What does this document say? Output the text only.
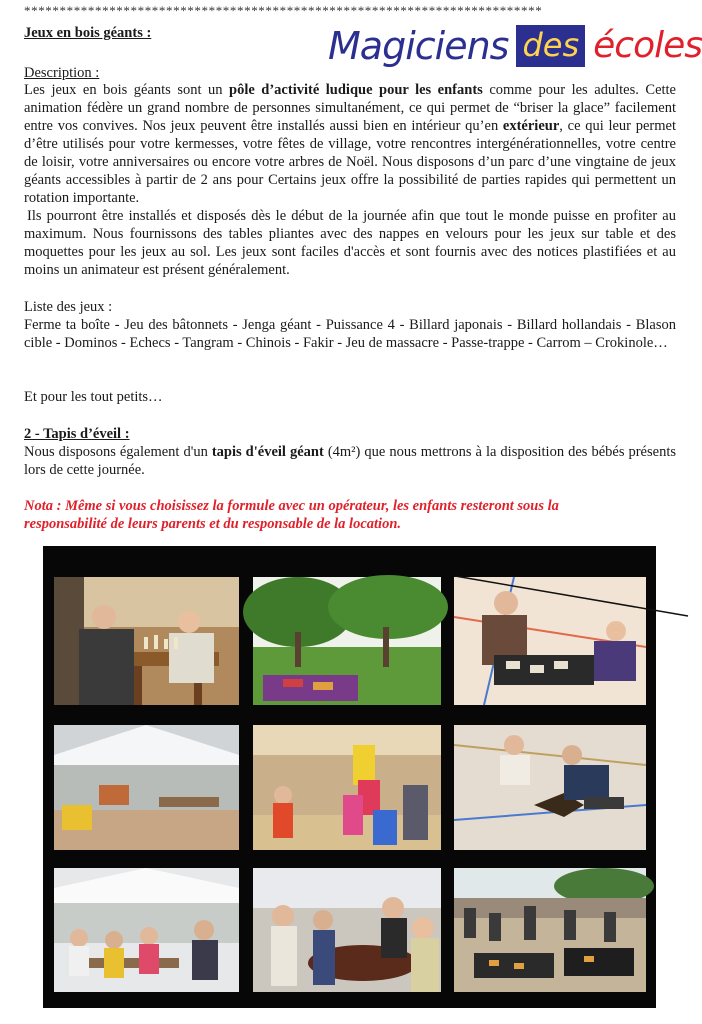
*************************************************************************
Magiciens des écoles
Jeux en bois géants :
Description :

Les jeux en bois géants sont un pôle d’activité ludique pour les enfants comme pour les adultes. Cette animation fédère un grand nombre de personnes simultanément, ce qui permet de “briser la glace” facilement entre vos convives. Nos jeux peuvent être installés aussi bien en intérieur qu’en extérieur, ce qui leur permet d’être utilisés pour votre kermesses, votre fêtes de village, votre rencontres intergénérationnelles, votre centre de loisir, votre anniversaires ou encore votre arbres de Noël. Nous disposons d’un parc d’une vingtaine de jeux géants accessibles à partir de 2 ans pour Certains jeux offre la possibilité de parties rapides qui permettent un rotation importante.

Ils pourront être installés et disposés dès le début de la journée afin que tout le monde puisse en profiter au maximum. Nous fournissons des tables pliantes avec des nappes en velours pour les jeux sur table et des moquettes pour les jeux au sol. Les jeux sont faciles d'accès et sont fournis avec des notices plastifiées et au moins un animateur est présent généralement.

Liste des jeux :
Ferme ta boîte - Jeu des bâtonnets - Jenga géant - Puissance 4 - Billard japonais - Billard hollandais - Blason cible - Dominos - Echecs - Tangram - Chinois - Fakir - Jeu de massacre - Passe-trappe - Carrom – Crokinole…
Et pour les tout petits…
2 - Tapis d’éveil :
Nous disposons également d'un tapis d'éveil géant (4m²) que nous mettrons à la disposition des bébés présents lors de cette journée.
Nota : Même si vous choisissez la formule avec un opérateur, les enfants resteront sous la responsabilité de leurs parents et du responsable de la location.
